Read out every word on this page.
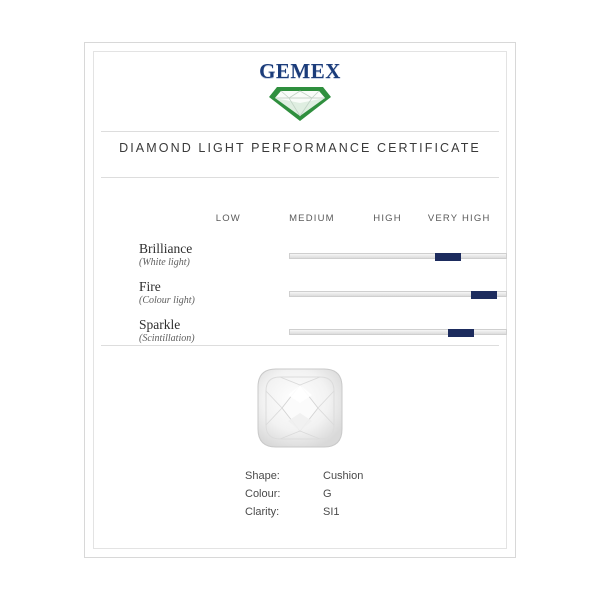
GEMEX
DIAMOND LIGHT PERFORMANCE CERTIFICATE
LOW	MEDIUM	HIGH	VERY HIGH
Brilliance
(White light)
Fire
(Colour light)
Sparkle
(Scintillation)
Shape:	Cushion
Colour:	G
Clarity:	SI1
